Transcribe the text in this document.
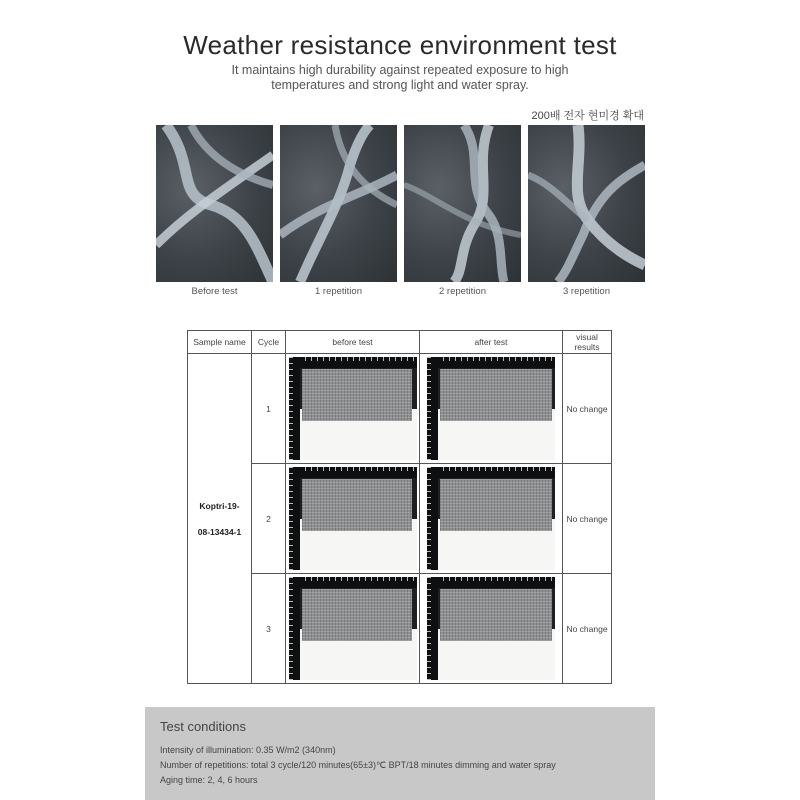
Weather resistance environment test
It maintains high durability against repeated exposure to high temperatures and strong light and water spray.
200배 전자 현미경 확대
Before test	1 repetition	2 repetition	3 repetition
Sample name	Cycle	before test	after test	visual results

Koptri-19-
08-13434-1	1			No change
	2			No change
	3			No change
Test conditions
Intensity of illumination: 0.35 W/m2 (340nm)
Number of repetitions: total 3 cycle/120 minutes(65±3)℃ BPT/18 minutes dimming and water spray
Aging time: 2, 4, 6 hours
